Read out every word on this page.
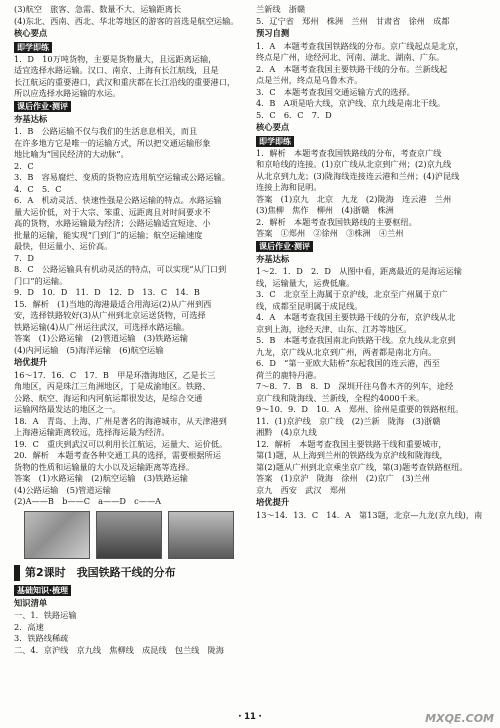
(3)航空　旅客、急需、数量不大、运输距离长
(4)东北、西南、西北、华北等地区的游客的首选是航空运输。
核心要点
即学即练
1．D　10万吨货物，主要是货物量大，且远距离运输，
适宜选择水路运输。汉口、南京、上海有长江航线，且是
长江航运的重要港口，武汉和重庆都在长江沿线的重要港口，
所以应选择水路运输的水运。
课后作业·测评

夯基达标
1．B　公路运输不仅与我们的生活息息相关，而且
在许多地方它是唯一的运输方式，所以把交通运输形象
地比喻为“国民经济的大动脉”。
2．C
3．B　容易腐烂、变质的货物应选用航空运输或公路运输。
4．C　5．C
6．A　机动灵活、快速性强是公路运输的特点。水路运输
量大运价低，对于大宗、笨重、远距离且对时间要求不
高的货物，水路运输最为经济；公路运输适宜短途、小
批量的运输，能实现“门到门”的运输；航空运输速度
最快，但运量小、运价高。
7．D
8．C　公路运输具有机动灵活的特点，可以实现“从门口到
门口”的运输。
9．D　10．D　11．D　12．D　13．C　14．B
15．解析　(1)当地的海港最适合用海运(2)从广州到西
安，选择铁路较好(3)从广州到北京运送货物，可选择
铁路运输(4)从广州运往武汉，可选择水路运输。
答案　(1)公路运输　(2)管道运输　(3)铁路运输
(4)内河运输　(5)海洋运输　(6)航空运输
培优提升
16～17．16．C　17．B　甲是环渤海地区，乙是长三
角地区，丙是珠江三角洲地区，丁是成渝地区。铁路、
公路、航空、海运和内河航运都很发达，是综合交通
运输网络最发达的地区之一。
18．A　青岛、上海、广州是著名的海港城市，从天津港到
上海港运输距离较远，选择海运最为经济。
19．C　重庆到武汉可以利用长江航运，运量大、运价低。
20．解析　本题考查各种交通工具的选择，需要根据所运
货物的性质和运输量的大小以及运输距离等选择。
答案　(1)水路运输　(2)航空运输　(3)铁路运输
(4)公路运输　(5)管道运输
(2)A——B　b——C　a——D　c——A
第2课时　我国铁路干线的分布
基础知识·梳理

知识清单
一、1．铁路运输
2．高速
3．铁路线稀疏
二、4．京沪线　京九线　焦柳线　成昆线　包兰线　陇海
兰新线　浙赣
5．辽宁省　郑州　株洲　兰州　甘肃省　徐州　成都
预习自测
1．A　本题考查我国铁路线的分布。京广线起点是北京，
终点是广州，途经河北、河南、湖北、湖南、广东。
2．A　本题考查我国主要铁路干线的分布。兰新线起
点是兰州，终点是乌鲁木齐。
3．C　本题考查我国交通运输方式的选择。
4．B　A项是哈大线，京沪线、京九线是南北干线。
5．C　6．C　7．D
核心要点
即学即练
1．解析　本题考查我国铁路线的分布，考查京广线
和京哈线的连接。(1)京广线从北京到广州；(2)京九线
从北京到九龙；(3)陇海线连接连云港和兰州；(4)沪昆线
连接上海和昆明。
答案　(1)京九　北京　九龙　(2)陇海　连云港　兰州
(3)焦柳　焦作　柳州　(4)浙赣　株洲
2．解析　本题考查我国铁路线的主要枢纽。
答案　①郑州　②徐州　③株洲　④兰州
课后作业·测评

夯基达标
1～2．1．D　2．D　从图中看，距离最近的是海运运输
线，运输量大，运费低廉。
3．C　北京至上海属于京沪线，北京至广州属于京广
线，成都至昆明属于成昆线。
4．A　本题考查我国主要铁路干线的分布，京沪线从北
京到上海，途经天津、山东、江苏等地区。
5．B　本题考查我国南北向铁路干线。京九线从北京到
九龙，京广线从北京到广州，两者都是南北方向。
6．D　“第一亚欧大陆桥”东起我国的连云港，西至
荷兰的鹿特丹港。
7～8．7．B　8．D　深圳开往乌鲁木齐的列车，途经
京广线和陇海线、兰新线，全程约4000千米。
9～10．9．D　10．A　郑州、徐州是重要的铁路枢纽。
11．(1)京沪线　京广线　(2)兰新　陇海　(3)浙赣
湘黔　(4)京九线
12．解析　本题考查我国主要铁路干线和重要城市，
第(1)题，从上海到兰州的铁路线为京沪线和陇海线，
第(2)题从广州到北京乘坐京广线，第(3)题考查铁路枢纽。
答案　(1)京沪　陇海　徐州　(2)京广　(3)兰州
京九　西安　武汉　郑州
培优提升
13～14．13．C　14．A　第13题，北京—九龙(京九线)，南
・11・	MXQE.COM
